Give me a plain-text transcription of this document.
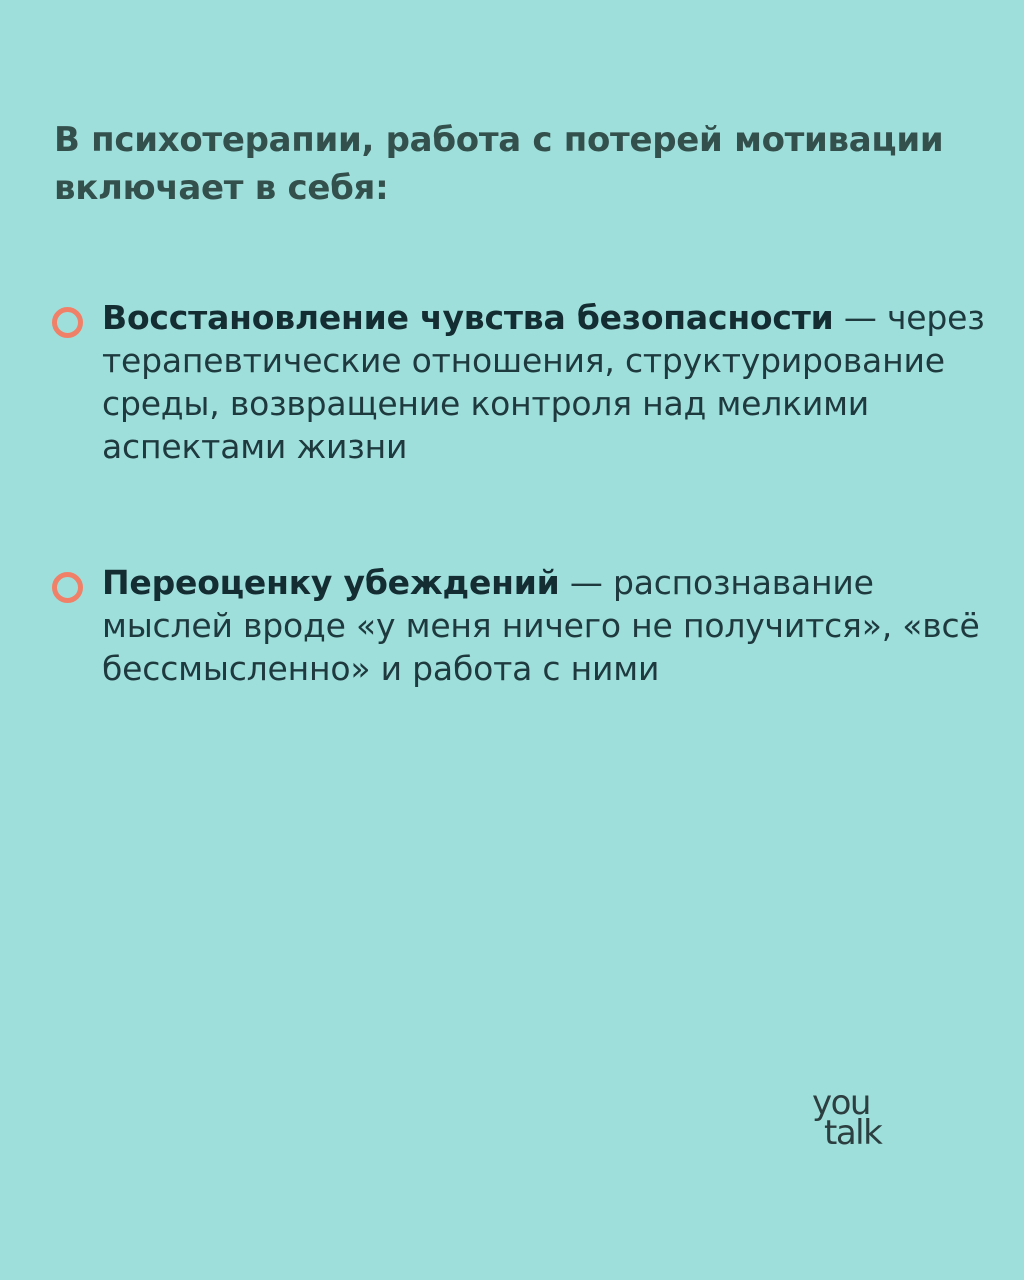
В психотерапии, работа с потерей мотивации включает в себя:

Восстановление чувства безопасности — через терапевтические отношения, структурирование среды, возвращение контроля над мелкими аспектами жизни

Переоценку убеждений — распознавание мыслей вроде «у меня ничего не получится», «всё бессмысленно» и работа с ними

you
talk
